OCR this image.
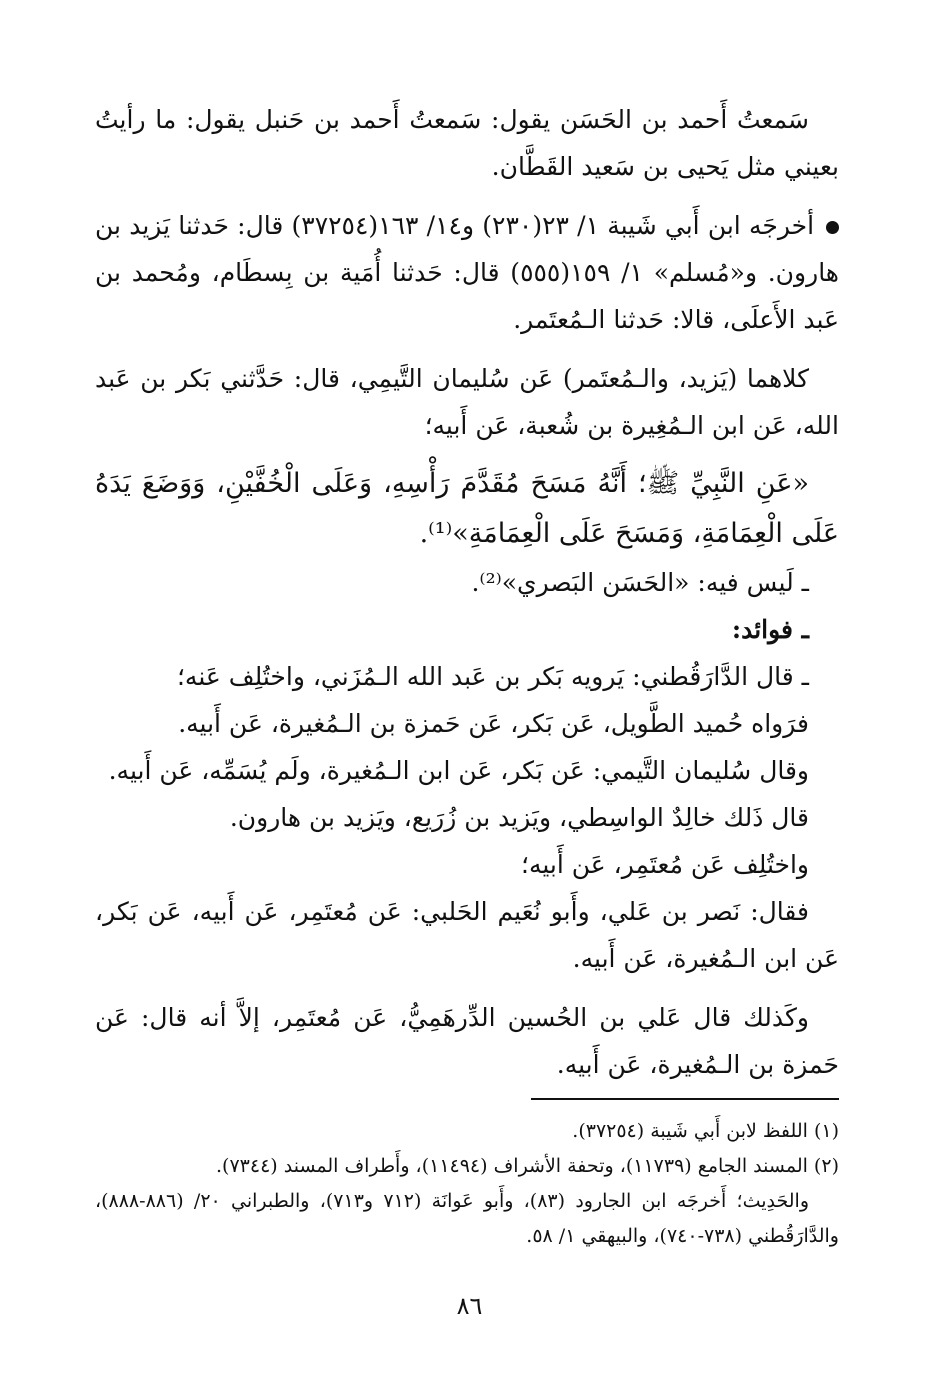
سَمعتُ أَحمد بن الحَسَن يقول: سَمعتُ أَحمد بن حَنبل يقول: ما رأيتُ بعيني مثل يَحيى بن سَعيد القَطَّان.

أخرجَه ابن أَبي شَيبة ١/ ٢٣(٢٣٠) و١٤/ ١٦٣(٣٧٢٥٤) قال: حَدثنا يَزيد بن هارون. و«مُسلم» ١/ ١٥٩(٥٥٥) قال: حَدثنا أُمَية بن بِسطَام، ومُحمد بن عَبد الأَعلَى، قالا: حَدثنا الـمُعتَمر.

كلاهما (يَزيد، والـمُعتَمر) عَن سُليمان التَّيمِي، قال: حَدَّثني بَكر بن عَبد الله، عَن ابن الـمُغِيرة بن شُعبة، عَن أَبيه؛

«عَنِ النَّبِيِّ ﷺ؛ أَنَّهُ مَسَحَ مُقَدَّمَ رَأْسِهِ، وَعَلَى الْخُفَّيْنِ، وَوَضَعَ يَدَهُ عَلَى الْعِمَامَةِ، وَمَسَحَ عَلَى الْعِمَامَةِ»⁽¹⁾.

ـ لَيس فيه: «الحَسَن البَصري»⁽²⁾.

ـ فوائد:

ـ قال الدَّارَقُطني: يَرويه بَكر بن عَبد الله الـمُزَني، واختُلِف عَنه؛

فرَواه حُميد الطَّويل، عَن بَكر، عَن حَمزة بن الـمُغيرة، عَن أَبيه.

وقال سُليمان التَّيمي: عَن بَكر، عَن ابن الـمُغيرة، ولَم يُسَمِّه، عَن أَبيه.

قال ذَلك خالِدٌ الواسِطي، ويَزيد بن زُرَيع، ويَزيد بن هارون.

واختُلِف عَن مُعتَمِر، عَن أَبيه؛

فقال: نَصر بن عَلي، وأَبو نُعَيم الحَلبي: عَن مُعتَمِر، عَن أَبيه، عَن بَكر، عَن ابن الـمُغيرة، عَن أَبيه.

وكَذلك قال عَلي بن الحُسين الدِّرهَمِيُّ، عَن مُعتَمِر، إلاَّ أنه قال: عَن حَمزة بن الـمُغيرة، عَن أَبيه.

(١) اللفظ لابن أَبي شَيبة (٣٧٢٥٤).

(٢) المسند الجامع (١١٧٣٩)، وتحفة الأشراف (١١٤٩٤)، وأَطراف المسند (٧٣٤٤).

والحَدِيث؛ أَخرجَه ابن الجارود (٨٣)، وأَبو عَوانَة (٧١٢ و٧١٣)، والطبراني ٢٠/ (٨٨٦-٨٨٨)، والدَّارَقُطني (٧٣٨-٧٤٠)، والبيهقي ١/ ٥٨.

٨٦
